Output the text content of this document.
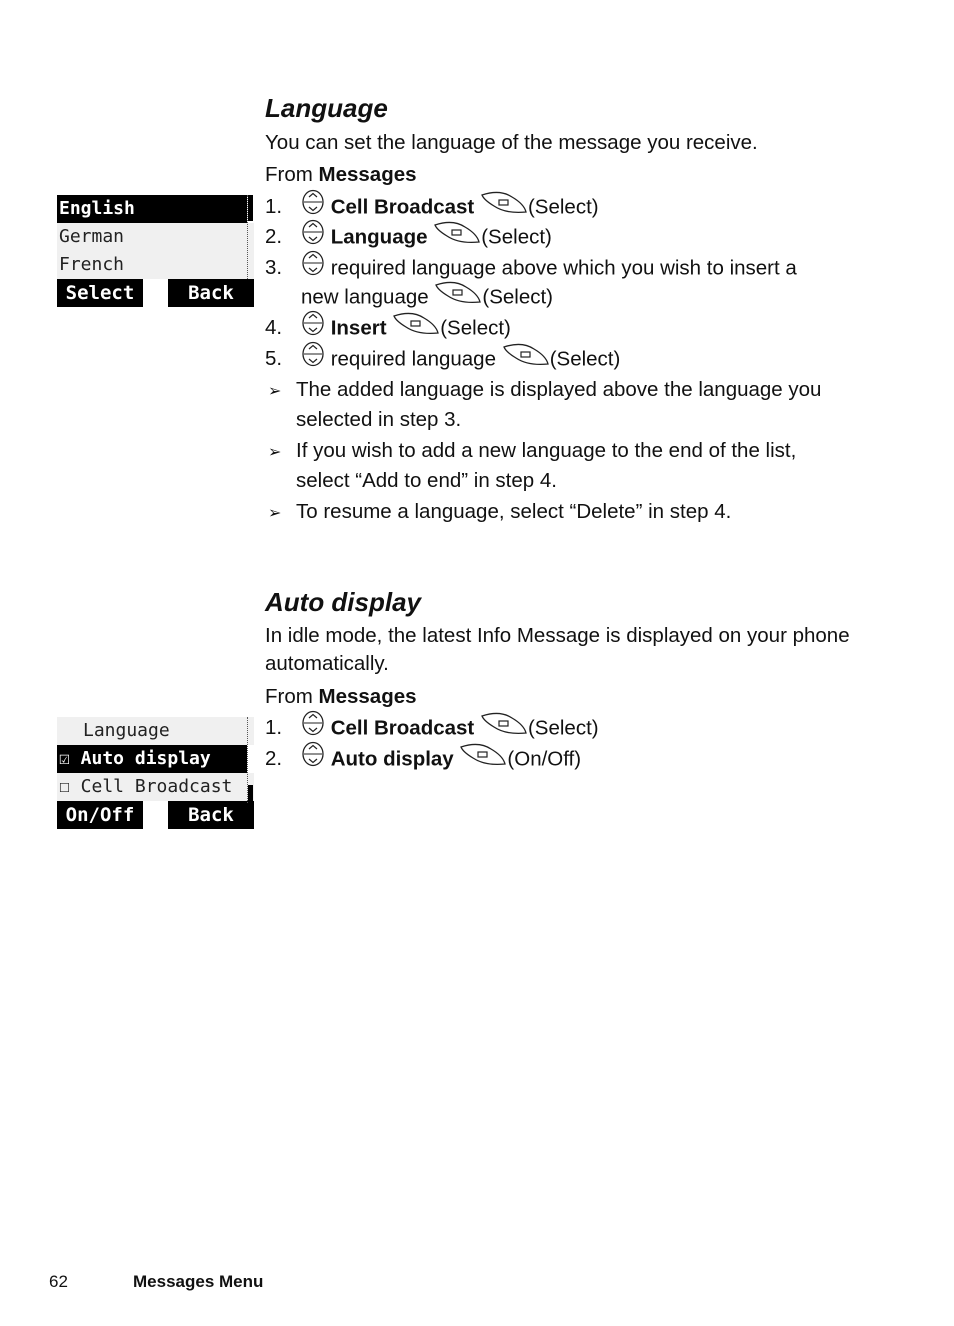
Language

You can set the language of the message you receive.

From Messages
English
German
French
Select	Back
1. Cell Broadcast	(Select)
2. Language	(Select)
3. required language above which you wish to insert a
new language	(Select)
4. Insert	(Select)
5. required language	(Select)
➢ The added language is displayed above the language you
selected in step 3.
➢ If you wish to add a new language to the end of the list,
select “Add to end” in step 4.
➢ To resume a language, select “Delete” in step 4.
Auto display

In idle mode, the latest Info Message is displayed on your phone automatically.

From Messages
Language
☑ Auto display
☐ Cell Broadcast
On/Off	Back
1. Cell Broadcast	(Select)
2. Auto display	(On/Off)
62	Messages Menu
